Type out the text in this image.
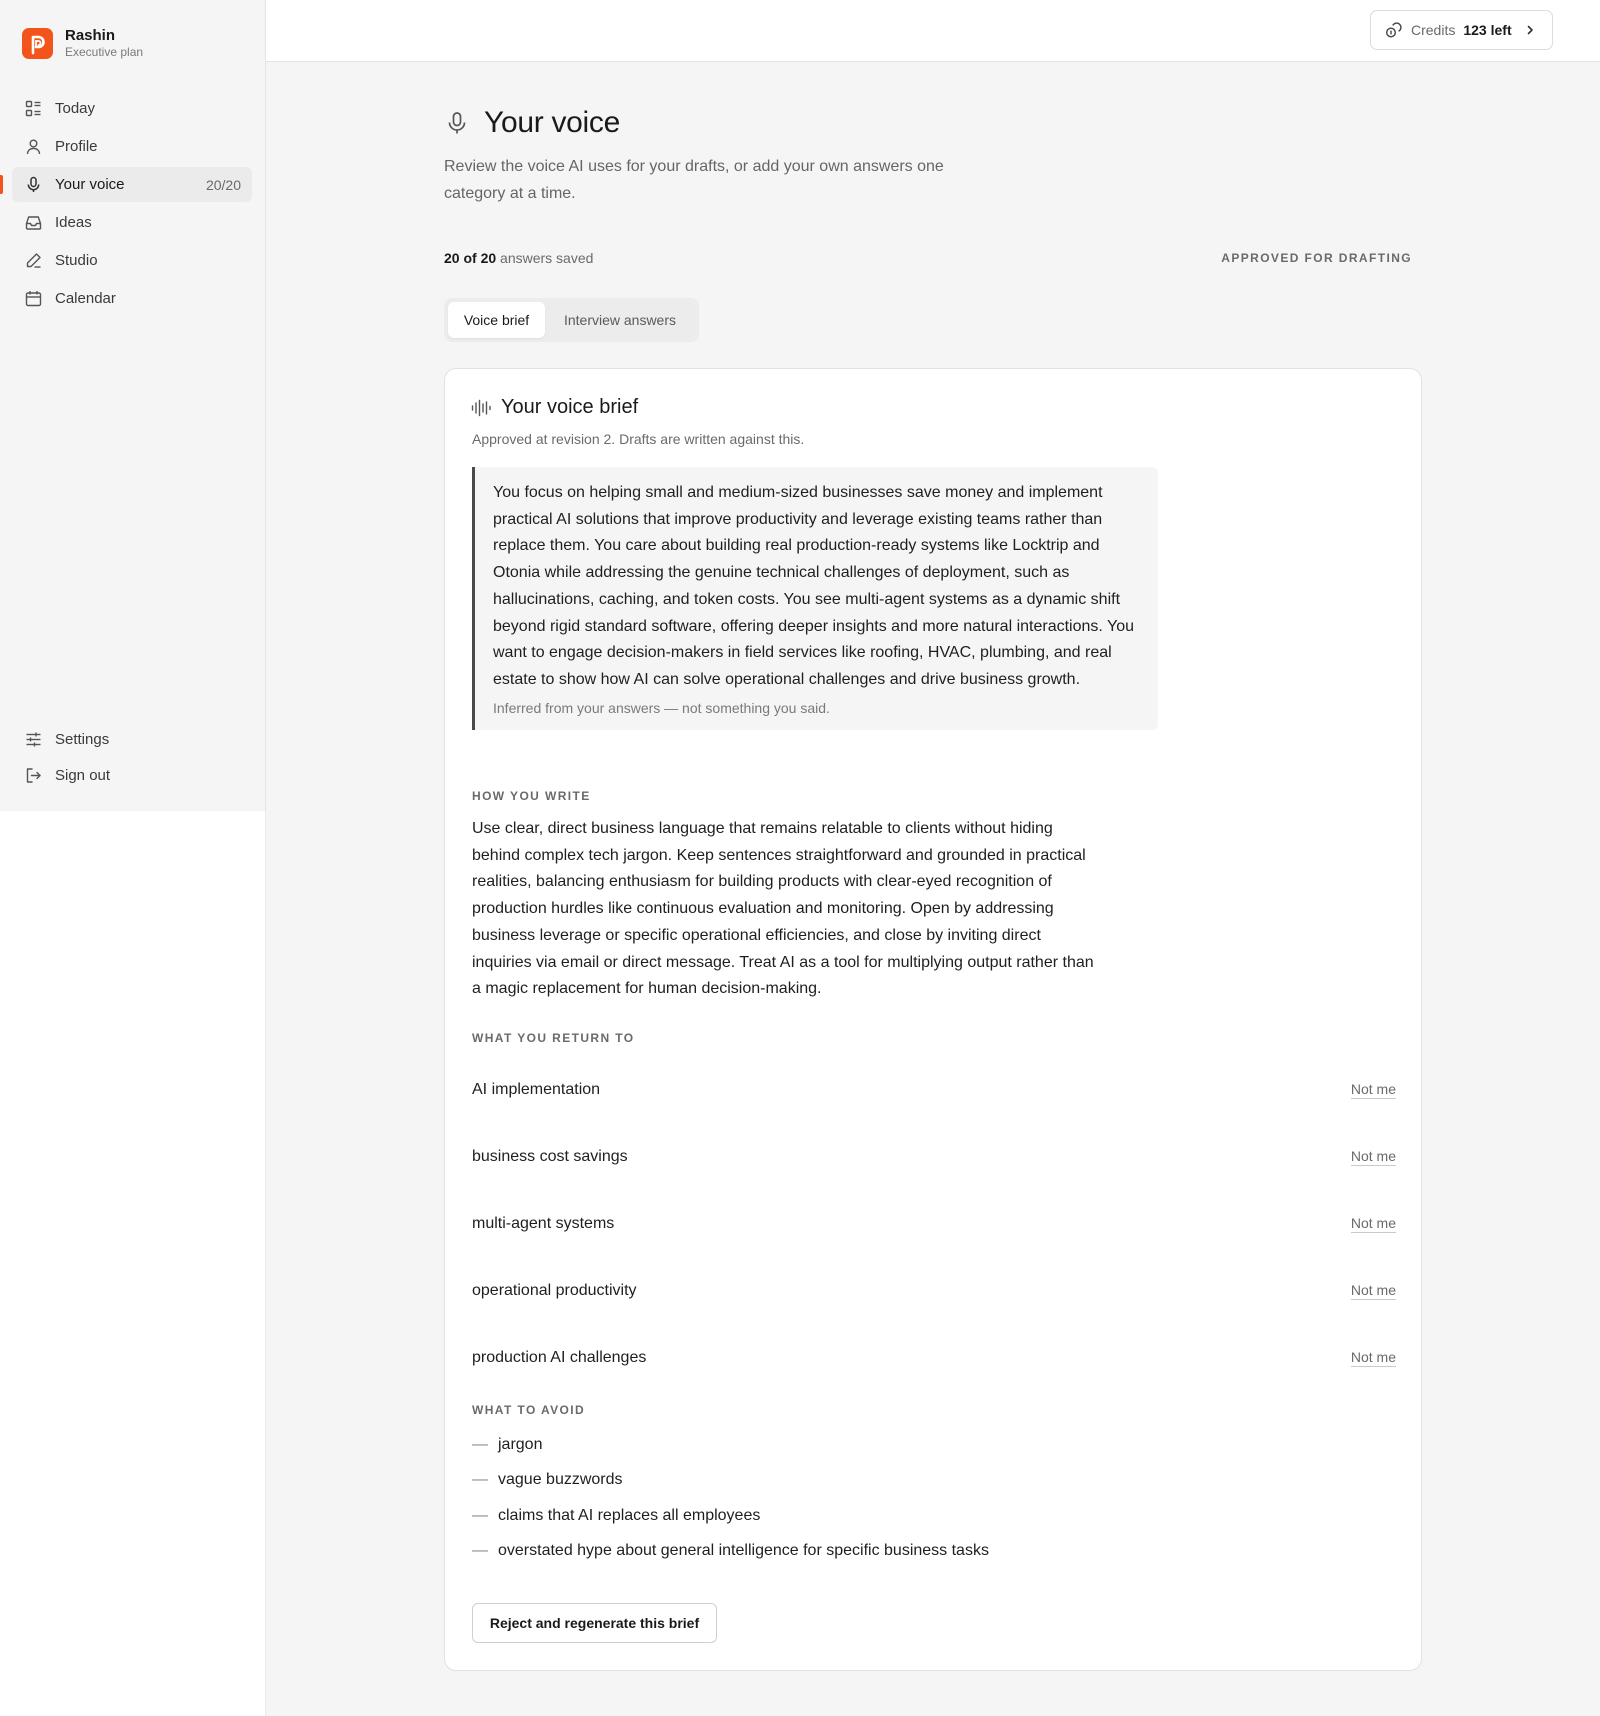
Rashin
Executive plan
Today
Profile
Your voice	20/20
Ideas
Studio
Calendar
Settings
Sign out
Credits 123 left
Your voice

Review the voice AI uses for your drafts, or add your own answers one category at a time.

20 of 20 answers saved	APPROVED FOR DRAFTING
Voice brief	Interview answers
Your voice brief

Approved at revision 2. Drafts are written against this.

You focus on helping small and medium-sized businesses save money and implement practical AI solutions that improve productivity and leverage existing teams rather than replace them. You care about building real production-ready systems like Locktrip and Otonia while addressing the genuine technical challenges of deployment, such as hallucinations, caching, and token costs. You see multi-agent systems as a dynamic shift beyond rigid standard software, offering deeper insights and more natural interactions. You want to engage decision-makers in field services like roofing, HVAC, plumbing, and real estate to show how AI can solve operational challenges and drive business growth.

Inferred from your answers — not something you said.

HOW YOU WRITE

Use clear, direct business language that remains relatable to clients without hiding behind complex tech jargon. Keep sentences straightforward and grounded in practical realities, balancing enthusiasm for building products with clear-eyed recognition of production hurdles like continuous evaluation and monitoring. Open by addressing business leverage or specific operational efficiencies, and close by inviting direct inquiries via email or direct message. Treat AI as a tool for multiplying output rather than a magic replacement for human decision-making.

WHAT YOU RETURN TO
AI implementation	Not me
business cost savings	Not me
multi-agent systems	Not me
operational productivity	Not me
production AI challenges	Not me
WHAT TO AVOID
— jargon
— vague buzzwords
— claims that AI replaces all employees
— overstated hype about general intelligence for specific business tasks
Reject and regenerate this brief
